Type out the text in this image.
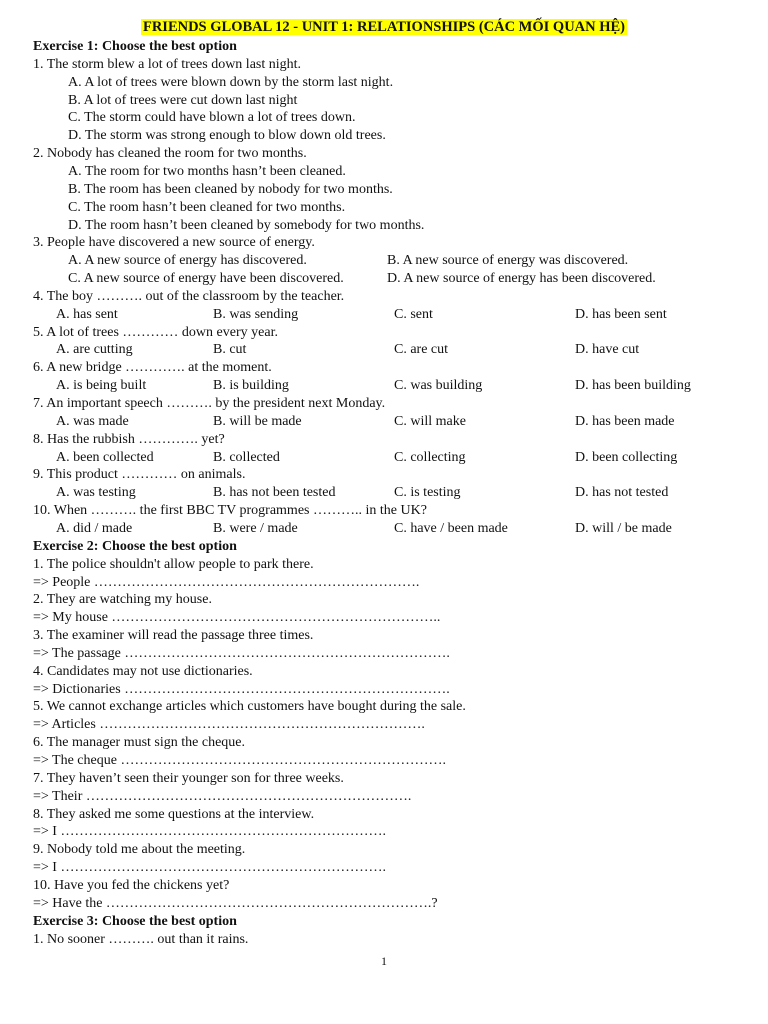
FRIENDS GLOBAL 12 - UNIT 1: RELATIONSHIPS (CÁC MỐI QUAN HỆ)
Exercise 1: Choose the best option
1. The storm blew a lot of trees down last night.
A. A lot of trees were blown down by the storm last night.
B. A lot of trees were cut down last night
C. The storm could have blown a lot of trees down.
D. The storm was strong enough to blow down old trees.
2. Nobody has cleaned the room for two months.
A. The room for two months hasn’t been cleaned.
B. The room has been cleaned by nobody for two months.
C. The room hasn’t been cleaned for two months.
D. The room hasn’t been cleaned by somebody for two months.
3. People have discovered a new source of energy.
A. A new source of energy has discovered.	B. A new source of energy was discovered.
C. A new source of energy have been discovered.	D. A new source of energy has been discovered.
4. The boy ………. out of the classroom by the teacher.
A. has sent	B. was sending	C. sent	D. has been sent
5. A lot of trees ………… down every year.
A. are cutting	B. cut	C. are cut	D. have cut
6. A new bridge …………. at the moment.
A. is being built	B. is building	C. was building	D. has been building
7. An important speech ………. by the president next Monday.
A. was made	B. will be made	C. will make	D. has been made
8. Has the rubbish …………. yet?
A. been collected	B. collected	C. collecting	D. been collecting
9. This product ………… on animals.
A. was testing	B. has not been tested	C. is testing	D. has not tested
10. When ………. the first BBC TV programmes ……….. in the UK?
A. did / made	B. were / made	C. have / been made	D. will / be made
Exercise 2: Choose the best option
1. The police shouldn't allow people to park there.
=> People …………………………………………………………….
2. They are watching my house.
=> My house ……………………………………………………………..
3. The examiner will read the passage three times.
=> The passage …………………………………………………………….
4. Candidates may not use dictionaries.
=> Dictionaries …………………………………………………………….
5. We cannot exchange articles which customers have bought during the sale.
=> Articles …………………………………………………………….
6. The manager must sign the cheque.
=> The cheque …………………………………………………………….
7. They haven’t seen their younger son for three weeks.
=> Their …………………………………………………………….
8. They asked me some questions at the interview.
=> I …………………………………………………………….
9. Nobody told me about the meeting.
=> I …………………………………………………………….
10. Have you fed the chickens yet?
=> Have the …………………………………………………………….?
Exercise 3: Choose the best option
1. No sooner ………. out than it rains.
1
